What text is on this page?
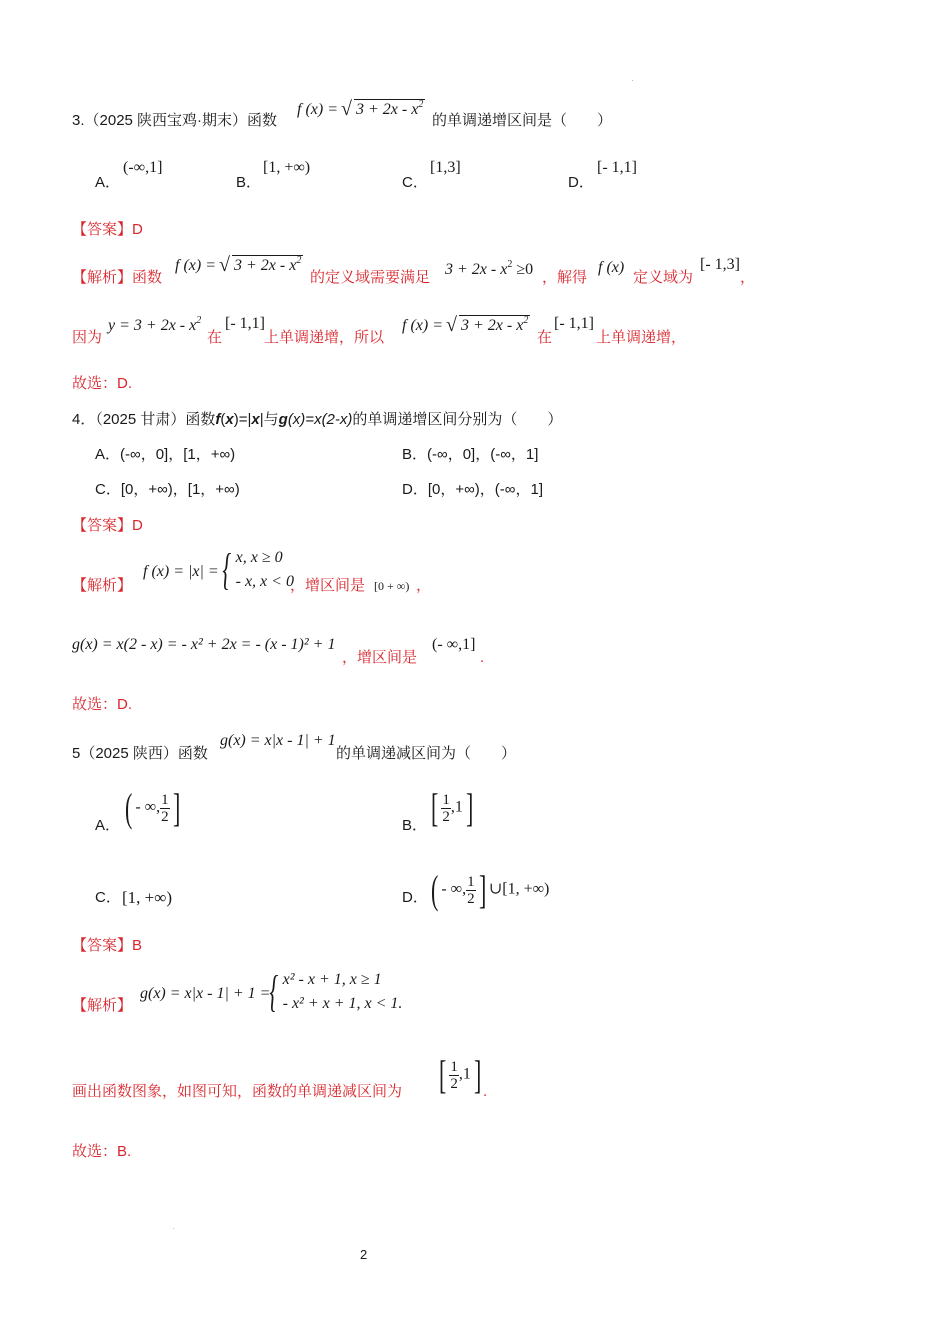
3.（2025 陕西宝鸡·期末）函数
f (x) = √ $3 + 2x - x^2$
的单调递增区间是（　　）
A．
(-∞,1]
B．
[1, +∞)
C．
[1,3]
D．
[- 1,1]
【答案】D
【解析】函数
f (x) = √ $3 + 2x - x^2$
的定义域需要满足 $3 + 2x - x^2 \ge 0$ ，解得
f (x)
定义域为
[- 1,3]
，
因为
$y = 3 + 2x - x^2$
在
[- 1,1]
上单调递增，所以
f (x) = √ $3 + 2x - x^2$
在
[- 1,1]
上单调递增，
故选：D.
4．（2025 甘肃）函数f(x)=|x|与g(x)=x(2-x)的单调递增区间分别为（　　）
A．(-∞，0]，[1，+∞)	B．(-∞，0]，(-∞，1]
C．[0，+∞)，[1，+∞)	D．[0，+∞)，(-∞，1]
【答案】D
【解析】
f (x) = |x| = { x, x ≥ 0
- x, x < 0
，增区间是 [0 + ∞) ，
g(x) = x(2 - x) = - x² + 2x = - (x - 1)² + 1
，增区间是
(- ∞,1]
.
故选：D.
5（2025 陕西）函数
g(x) = x|x - 1| + 1
的单调递减区间为（　　）
A． ( - ∞, $\frac{1}{2}$ ]	B． [ $\frac{1}{2} ,1$]
C． [1, +∞)	D． ( - ∞, $\frac{1}{2}$ ] ∪[1, +∞)
【答案】B
【解析】
g(x) = x|x - 1| + 1 =
{ x² - x + 1, x ≥ 1
- x² + x + 1, x < 1.
画出函数图象，如图可知，函数的单调递减区间为 [ $\frac{1}{2} ,1$] .
故选：B.
2
